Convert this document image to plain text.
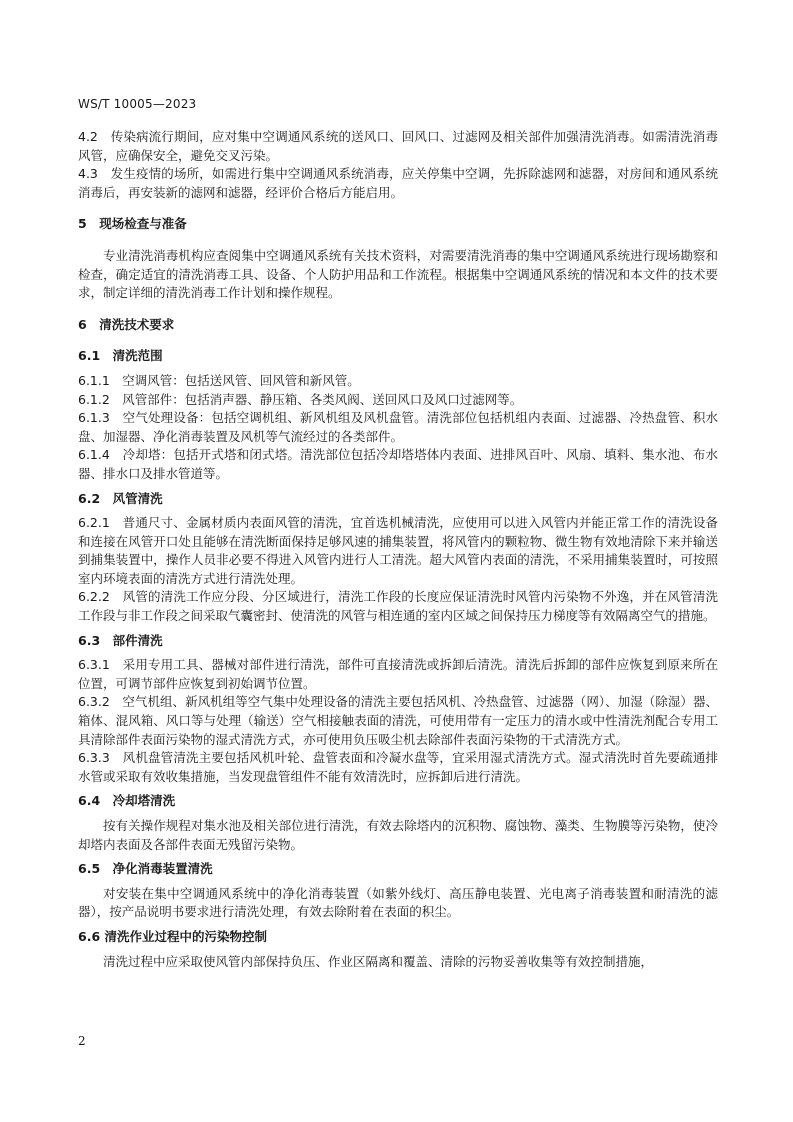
WS/T 10005—2023

4.2　传染病流行期间，应对集中空调通风系统的送风口、回风口、过滤网及相关部件加强清洗消毒。如需清洗消毒风管，应确保安全，避免交叉污染。

4.3　发生疫情的场所，如需进行集中空调通风系统消毒，应关停集中空调，先拆除滤网和滤器，对房间和通风系统消毒后，再安装新的滤网和滤器，经评价合格后方能启用。

5　现场检查与准备

专业清洗消毒机构应查阅集中空调通风系统有关技术资料，对需要清洗消毒的集中空调通风系统进行现场勘察和检查，确定适宜的清洗消毒工具、设备、个人防护用品和工作流程。根据集中空调通风系统的情况和本文件的技术要求，制定详细的清洗消毒工作计划和操作规程。

6　清洗技术要求

6.1　清洗范围

6.1.1　空调风管：包括送风管、回风管和新风管。

6.1.2　风管部件：包括消声器、静压箱、各类风阀、送回风口及风口过滤网等。

6.1.3　空气处理设备：包括空调机组、新风机组及风机盘管。清洗部位包括机组内表面、过滤器、冷热盘管、积水盘、加湿器、净化消毒装置及风机等气流经过的各类部件。

6.1.4　冷却塔：包括开式塔和闭式塔。清洗部位包括冷却塔塔体内表面、进排风百叶、风扇、填料、集水池、布水器、排水口及排水管道等。

6.2　风管清洗

6.2.1　普通尺寸、金属材质内表面风管的清洗，宜首选机械清洗，应使用可以进入风管内并能正常工作的清洗设备和连接在风管开口处且能够在清洗断面保持足够风速的捕集装置，将风管内的颗粒物、微生物有效地清除下来并输送到捕集装置中，操作人员非必要不得进入风管内进行人工清洗。超大风管内表面的清洗，不采用捕集装置时，可按照室内环境表面的清洗方式进行清洗处理。

6.2.2　风管的清洗工作应分段、分区域进行，清洗工作段的长度应保证清洗时风管内污染物不外逸，并在风管清洗工作段与非工作段之间采取气囊密封、使清洗的风管与相连通的室内区域之间保持压力梯度等有效隔离空气的措施。

6.3　部件清洗

6.3.1　采用专用工具、器械对部件进行清洗，部件可直接清洗或拆卸后清洗。清洗后拆卸的部件应恢复到原来所在位置，可调节部件应恢复到初始调节位置。

6.3.2　空气机组、新风机组等空气集中处理设备的清洗主要包括风机、冷热盘管、过滤器（网）、加湿（除湿）器、箱体、混风箱、风口等与处理（输送）空气相接触表面的清洗，可使用带有一定压力的清水或中性清洗剂配合专用工具清除部件表面污染物的湿式清洗方式，亦可使用负压吸尘机去除部件表面污染物的干式清洗方式。

6.3.3　风机盘管清洗主要包括风机叶轮、盘管表面和冷凝水盘等，宜采用湿式清洗方式。湿式清洗时首先要疏通排水管或采取有效收集措施，当发现盘管组件不能有效清洗时，应拆卸后进行清洗。

6.4　冷却塔清洗

按有关操作规程对集水池及相关部位进行清洗，有效去除塔内的沉积物、腐蚀物、藻类、生物膜等污染物，使冷却塔内表面及各部件表面无残留污染物。

6.5　净化消毒装置清洗

对安装在集中空调通风系统中的净化消毒装置（如紫外线灯、高压静电装置、光电离子消毒装置和耐清洗的滤器），按产品说明书要求进行清洗处理，有效去除附着在表面的积尘。

6.6 清洗作业过程中的污染物控制

清洗过程中应采取使风管内部保持负压、作业区隔离和覆盖、清除的污物妥善收集等有效控制措施，

2
